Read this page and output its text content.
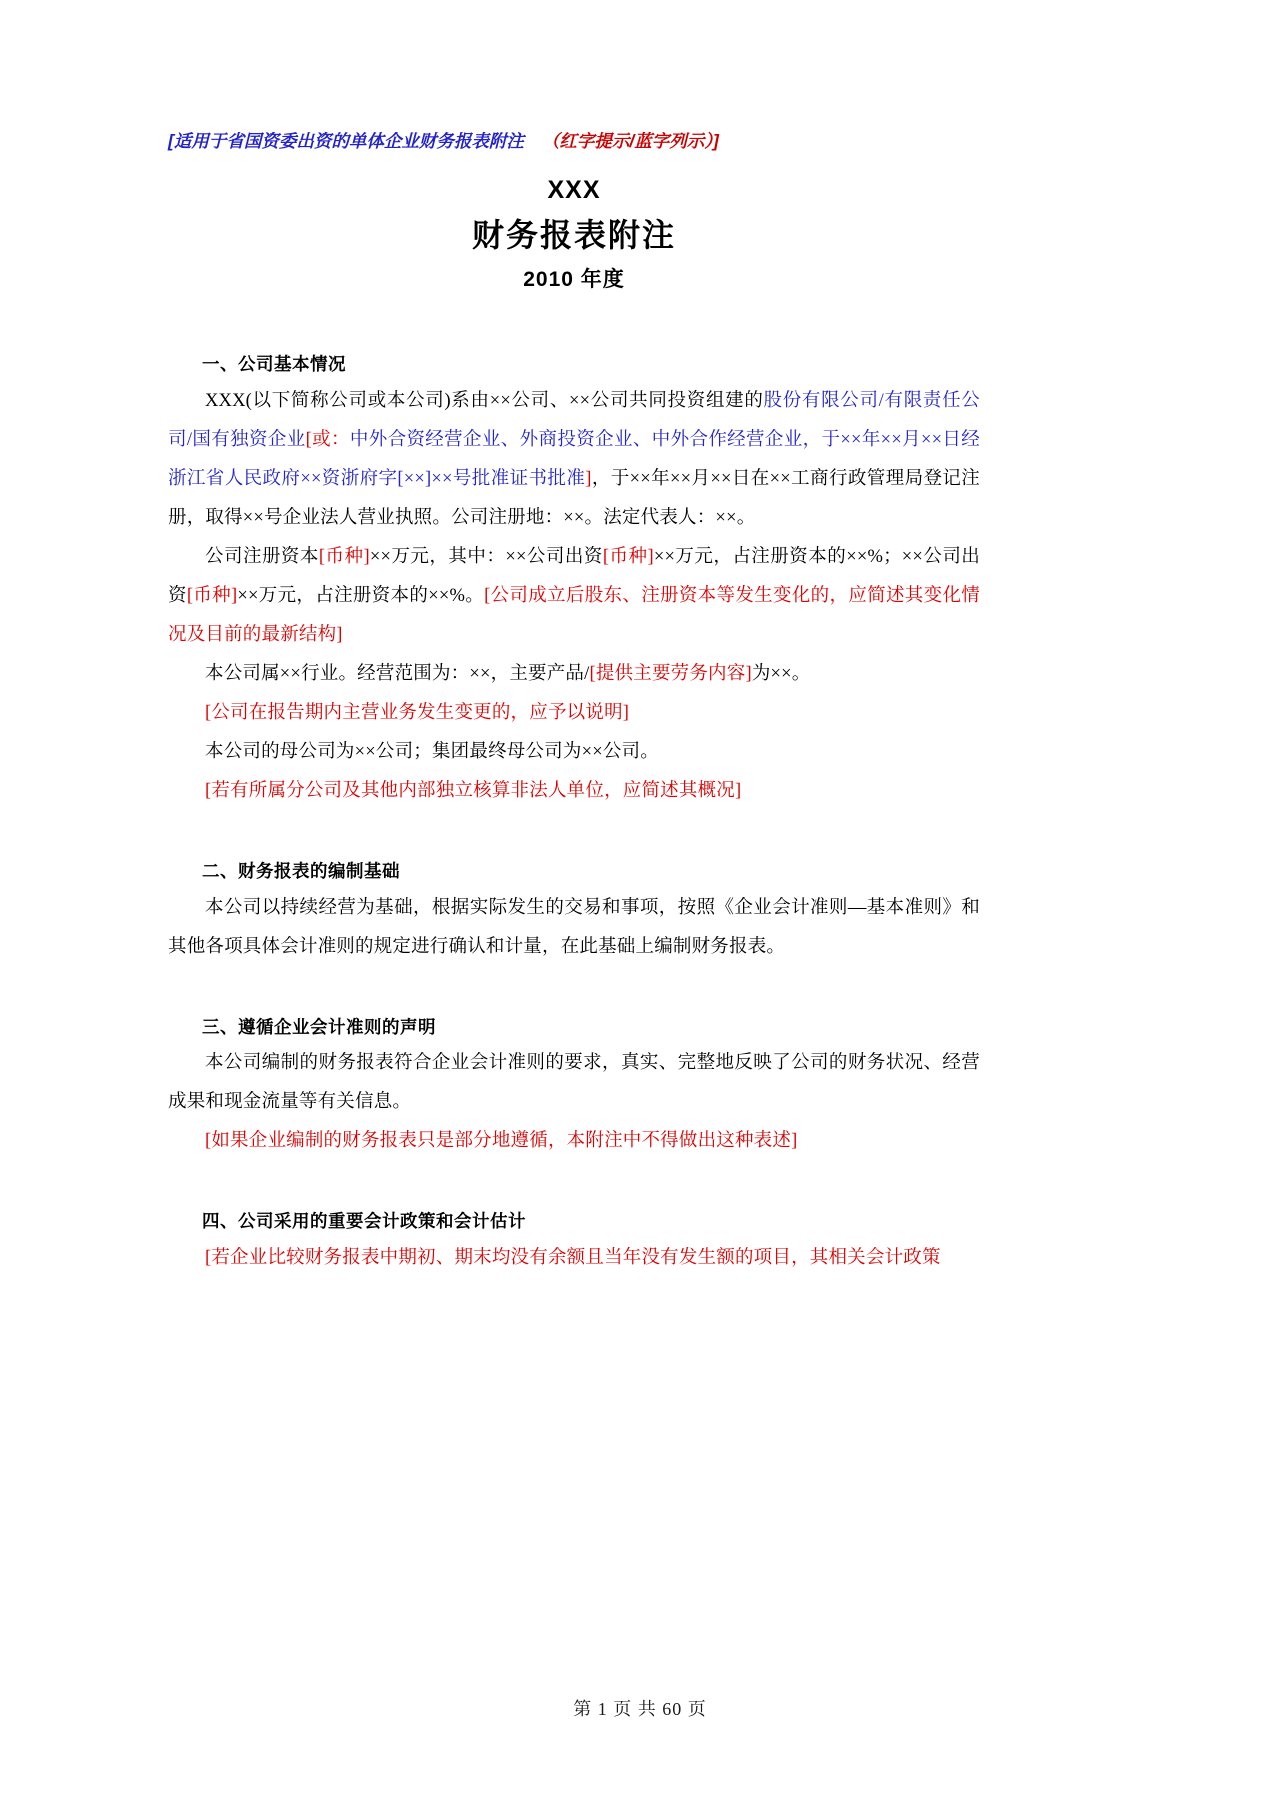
[适用于省国资委出资的单体企业财务报表附注 （红字提示/蓝字列示）]
XXX
财务报表附注
2010 年度
一、公司基本情况

XXX(以下简称公司或本公司)系由××公司、××公司共同投资组建的股份有限公司/有限责任公司/国有独资企业[或：中外合资经营企业、外商投资企业、中外合作经营企业，于××年××月××日经浙江省人民政府××资浙府字[××]××号批准证书批准]，于××年××月××日在××工商行政管理局登记注册，取得××号企业法人营业执照。公司注册地：××。法定代表人：××。

公司注册资本[币种]××万元，其中：××公司出资[币种]××万元，占注册资本的××%；××公司出资[币种]××万元，占注册资本的××%。[公司成立后股东、注册资本等发生变化的，应简述其变化情况及目前的最新结构]

本公司属××行业。经营范围为：××，主要产品/[提供主要劳务内容]为××。

[公司在报告期内主营业务发生变更的，应予以说明]

本公司的母公司为××公司；集团最终母公司为××公司。

[若有所属分公司及其他内部独立核算非法人单位，应简述其概况]

二、财务报表的编制基础

本公司以持续经营为基础，根据实际发生的交易和事项，按照《企业会计准则—基本准则》和其他各项具体会计准则的规定进行确认和计量，在此基础上编制财务报表。

三、遵循企业会计准则的声明

本公司编制的财务报表符合企业会计准则的要求，真实、完整地反映了公司的财务状况、经营成果和现金流量等有关信息。

[如果企业编制的财务报表只是部分地遵循，本附注中不得做出这种表述]

四、公司采用的重要会计政策和会计估计

[若企业比较财务报表中期初、期末均没有余额且当年没有发生额的项目，其相关会计政策

第 1 页 共 60 页
